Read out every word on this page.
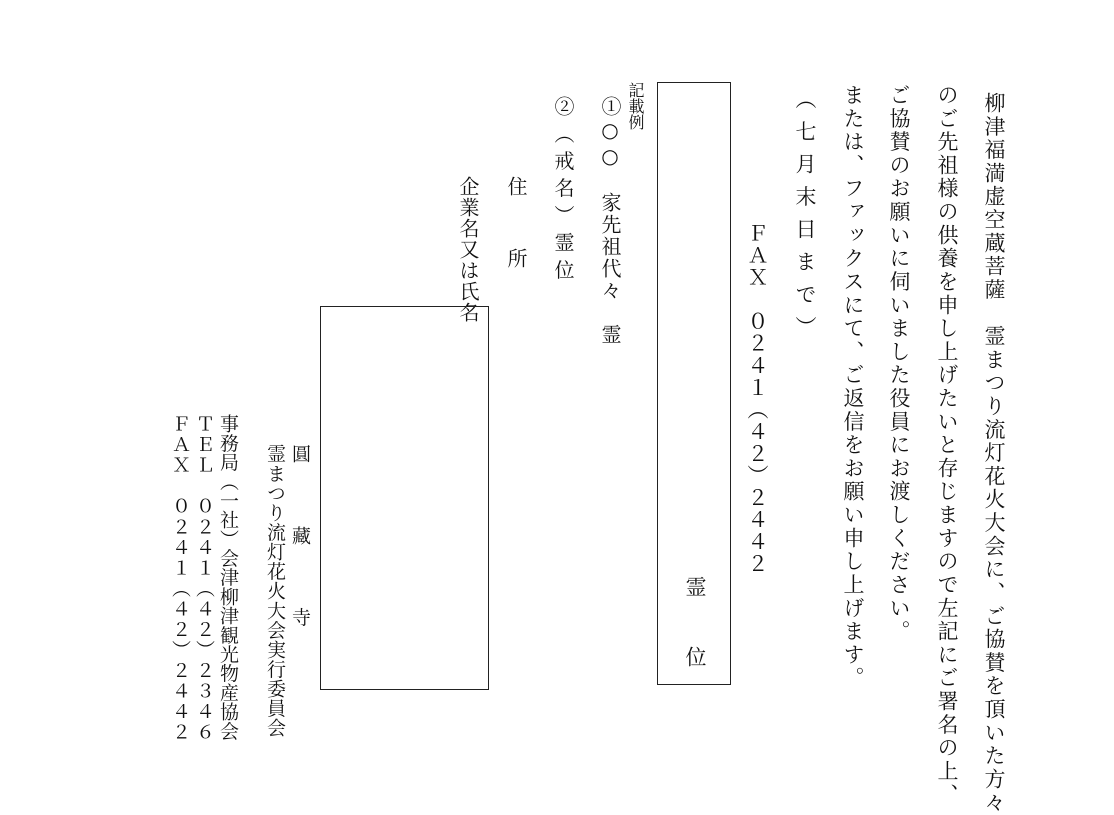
柳津福満虚空蔵菩薩　霊まつり流灯花火大会に、ご協賛を頂いた方々
のご先祖様の供養を申し上げたいと存じますので左記にご署名の上、
ご協賛のお願いに伺いました役員にお渡しください。
または、ファックスにて、ご返信をお願い申し上げます。
（七月末日まで）
ＦＡＸ　０２４１（４２）２４４２
霊
位
記載例
①○○　家先祖代々　霊
②（戒名）霊位
住所
企業名又は氏名
圓藏寺
霊まつり流灯花火大会実行委員会
事務局（一社）会津柳津観光物産協会
ＴＥＬ　０２４１（４２）２３４６
ＦＡＸ　０２４１（４２）２４４２
